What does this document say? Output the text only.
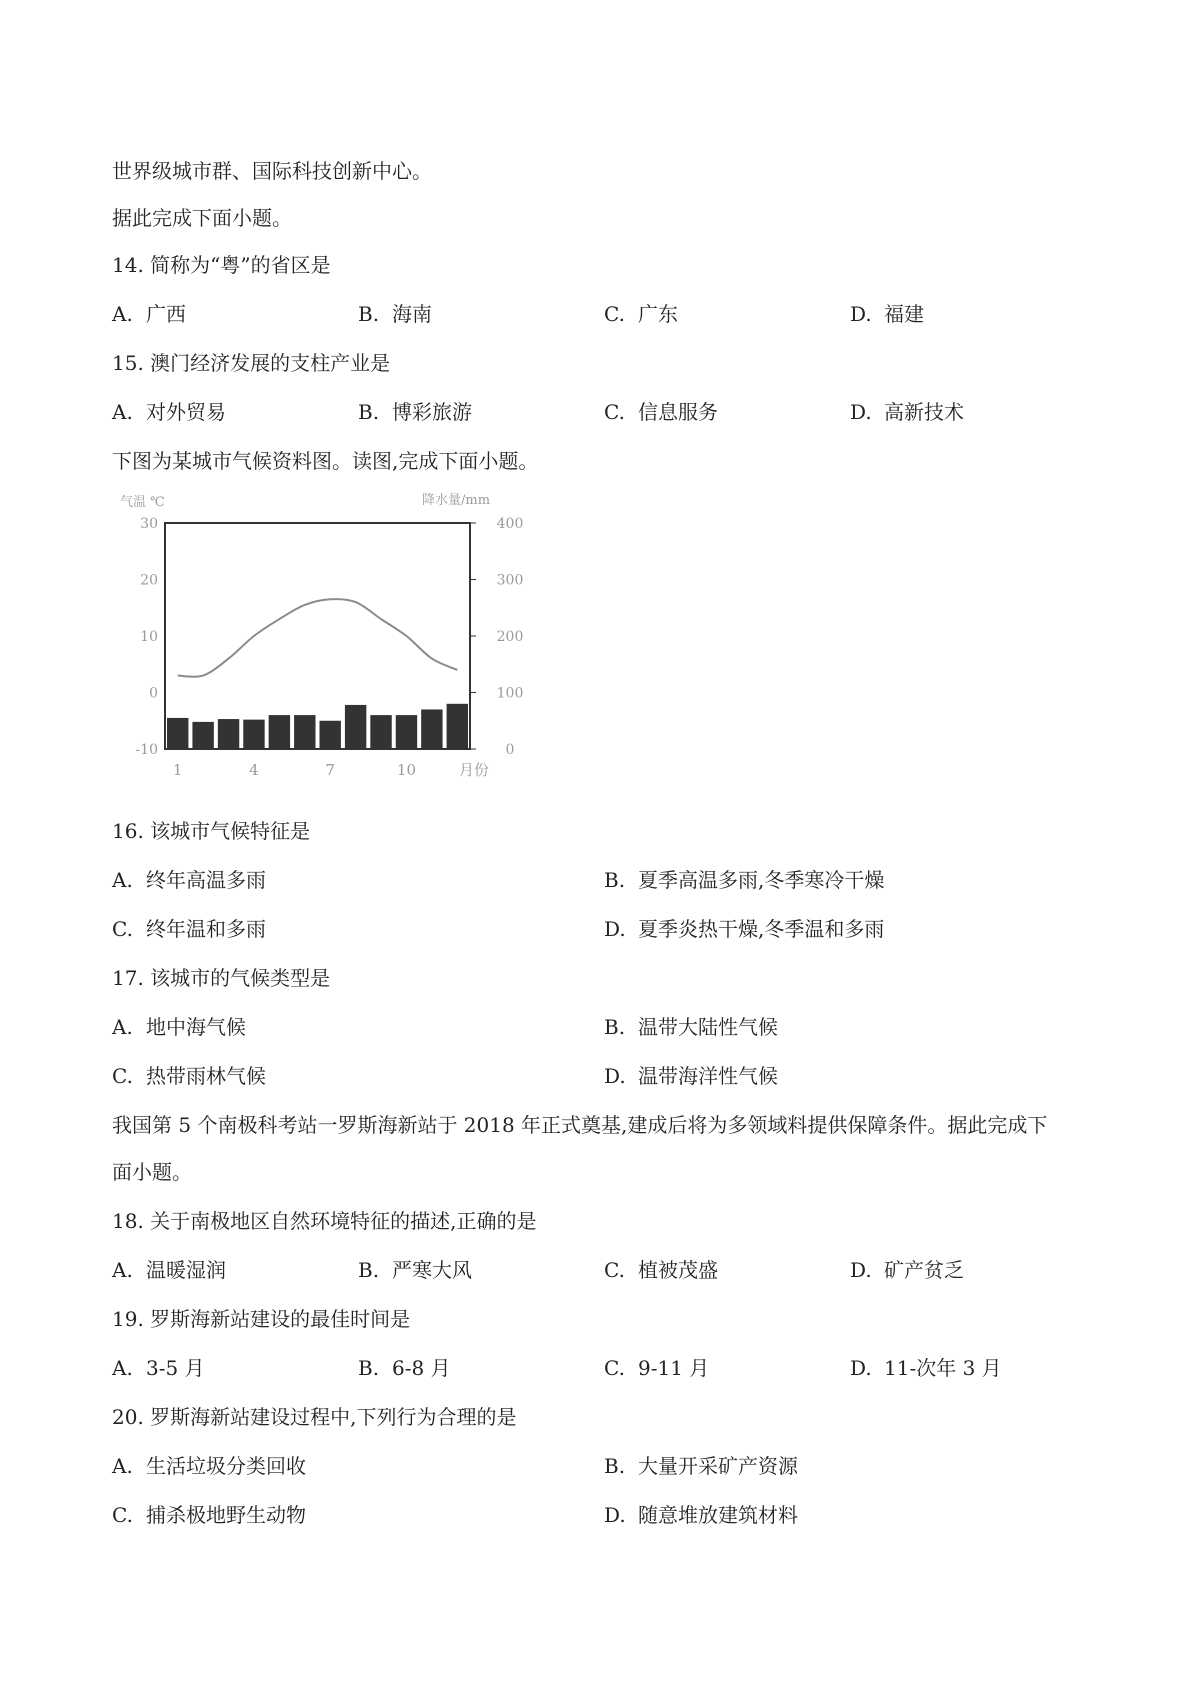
世界级城市群、国际科技创新中心。
据此完成下面小题。
14. 简称为“粤”的省区是
A. 广西	B. 海南	C. 广东	D. 福建
15. 澳门经济发展的支柱产业是
A. 对外贸易	B. 博彩旅游	C. 信息服务	D. 高新技术
下图为某城市气候资料图。读图,完成下面小题。
气温 ℃	降水量/mm
30
20
10
0
-10
400
300
200
100
0
1	4	7	10	月份
16. 该城市气候特征是
A. 终年高温多雨	B. 夏季高温多雨,冬季寒冷干燥
C. 终年温和多雨	D. 夏季炎热干燥,冬季温和多雨
17. 该城市的气候类型是
A. 地中海气候	B. 温带大陆性气候
C. 热带雨林气候	D. 温带海洋性气候
我国第 5 个南极科考站一罗斯海新站于 2018 年正式奠基,建成后将为多领域料提供保障条件。据此完成下
面小题。
18. 关于南极地区自然环境特征的描述,正确的是
A. 温暖湿润	B. 严寒大风	C. 植被茂盛	D. 矿产贫乏
19. 罗斯海新站建设的最佳时间是
A. 3-5 月	B. 6-8 月	C. 9-11 月	D. 11-次年 3 月
20. 罗斯海新站建设过程中,下列行为合理的是
A. 生活垃圾分类回收	B. 大量开采矿产资源
C. 捕杀极地野生动物	D. 随意堆放建筑材料
